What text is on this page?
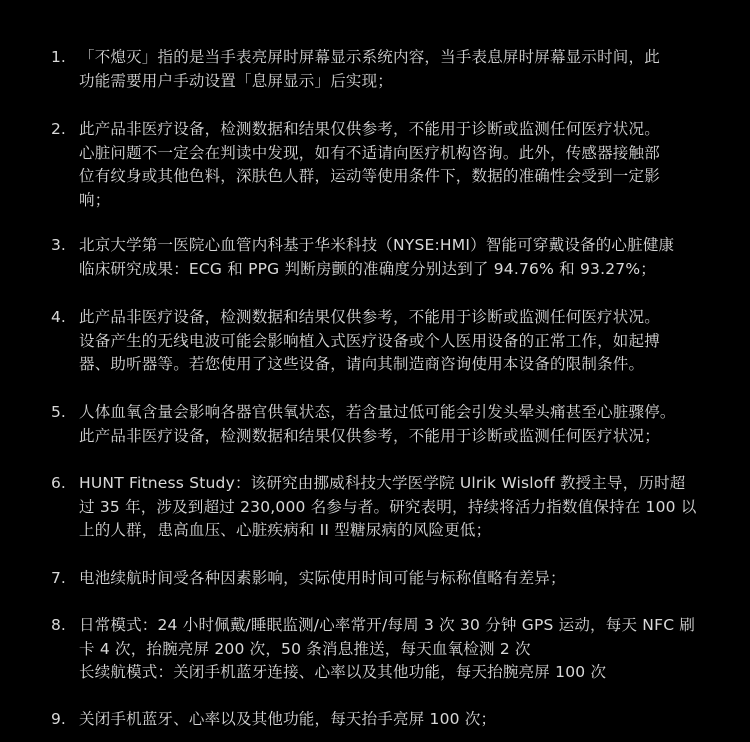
1. 「不熄灭」指的是当手表亮屏时屏幕显示系统内容，当手表息屏时屏幕显示时间，此
功能需要用户手动设置「息屏显示」后实现；
2. 此产品非医疗设备，检测数据和结果仅供参考，不能用于诊断或监测任何医疗状况。
心脏问题不一定会在判读中发现，如有不适请向医疗机构咨询。此外，传感器接触部
位有纹身或其他色料，深肤色人群，运动等使用条件下，数据的准确性会受到一定影
响；
3. 北京大学第一医院心血管内科基于华米科技（NYSE:HMI）智能可穿戴设备的心脏健康
临床研究成果：ECG 和 PPG 判断房颤的准确度分别达到了 94.76% 和 93.27%；
4. 此产品非医疗设备，检测数据和结果仅供参考，不能用于诊断或监测任何医疗状况。
设备产生的无线电波可能会影响植入式医疗设备或个人医用设备的正常工作，如起搏
器、助听器等。若您使用了这些设备，请向其制造商咨询使用本设备的限制条件。
5. 人体血氧含量会影响各器官供氧状态，若含量过低可能会引发头晕头痛甚至心脏骤停。
此产品非医疗设备，检测数据和结果仅供参考，不能用于诊断或监测任何医疗状况；
6. HUNT Fitness Study：该研究由挪威科技大学医学院 Ulrik Wisloff 教授主导，历时超
过 35 年，涉及到超过 230,000 名参与者。研究表明，持续将活力指数值保持在 100 以
上的人群，患高血压、心脏疾病和 II 型糖尿病的风险更低；
7. 电池续航时间受各种因素影响，实际使用时间可能与标称值略有差异；
8. 日常模式：24 小时佩戴/睡眠监测/心率常开/每周 3 次 30 分钟 GPS 运动，每天 NFC 刷
卡 4 次，抬腕亮屏 200 次，50 条消息推送，每天血氧检测 2 次
长续航模式：关闭手机蓝牙连接、心率以及其他功能，每天抬腕亮屏 100 次
9. 关闭手机蓝牙、心率以及其他功能，每天抬手亮屏 100 次；
